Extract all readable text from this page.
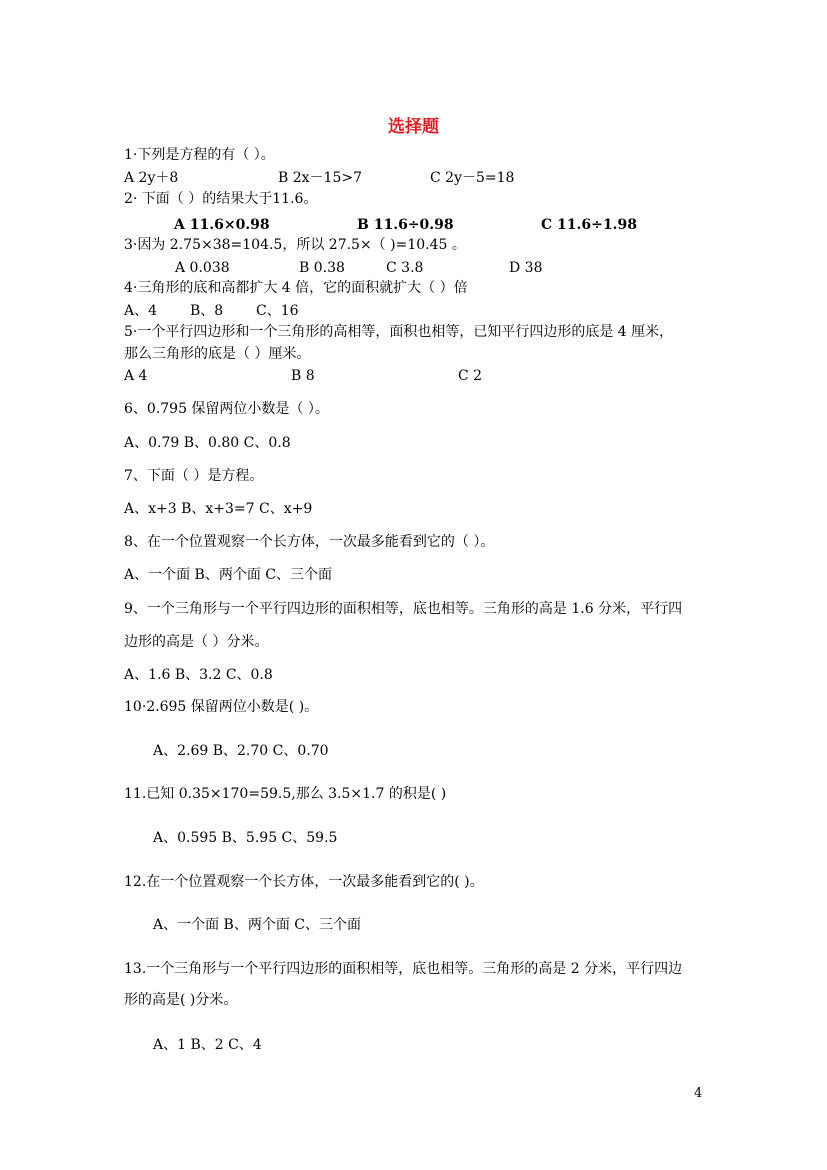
选择题
1·下列是方程的有（ ）。
A 2y＋8	B 2x－15>7	C 2y－5=18
2· 下面（ ）的结果大于11.6。
A 11.6×0.98	B 11.6÷0.98	C 11.6÷1.98
3·因为 2.75×38=104.5，所以 27.5×（ )=10.45 。
A 0.038	B 0.38	C 3.8	D 38
4·三角形的底和高都扩大 4 倍，它的面积就扩大（ ）倍
A、4 B、8 C、16
5·一个平行四边形和一个三角形的高相等，面积也相等，已知平行四边形的底是 4 厘米，
那么三角形的底是（ ）厘米。
A 4	B 8	C 2
6、0.795 保留两位小数是（ ）。
A、0.79 B、0.80 C、0.8
7、下面（ ）是方程。
A、x+3 B、x+3=7 C、x+9
8、在一个位置观察一个长方体，一次最多能看到它的（ ）。
A、一个面 B、两个面 C、三个面
9、一个三角形与一个平行四边形的面积相等，底也相等。三角形的高是 1.6 分米，平行四
边形的高是（ ）分米。
A、1.6 B、3.2 C、0.8
10·2.695 保留两位小数是( )。
A、2.69 B、2.70 C、0.70
11.已知 0.35×170=59.5,那么 3.5×1.7 的积是( )
A、0.595 B、5.95 C、59.5
12.在一个位置观察一个长方体，一次最多能看到它的( )。
A、一个面 B、两个面 C、三个面
13.一个三角形与一个平行四边形的面积相等，底也相等。三角形的高是 2 分米，平行四边
形的高是( )分米。
A、1 B、2 C、4
4
